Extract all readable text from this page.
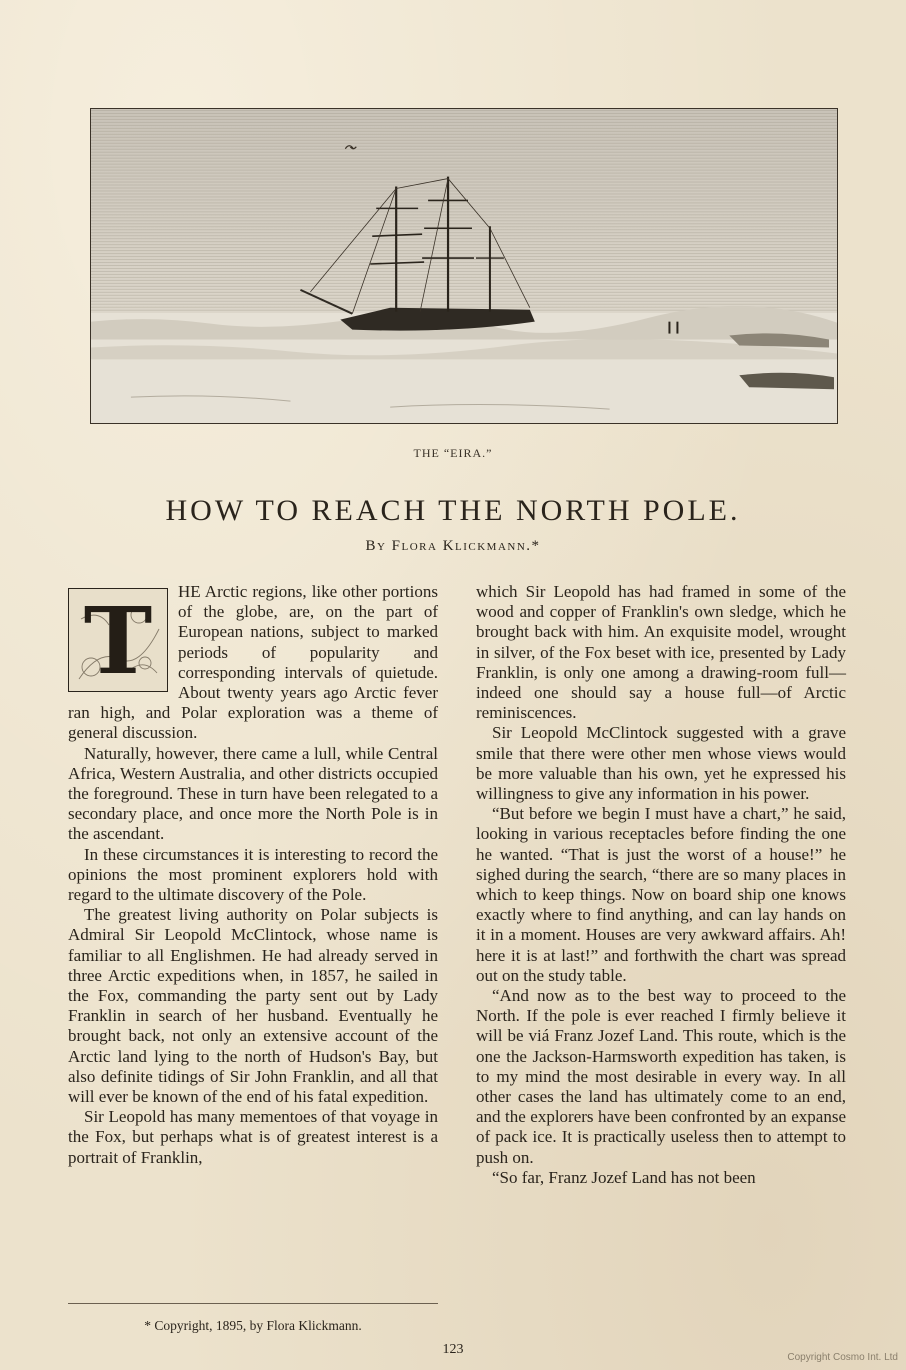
THE “EIRA.”
HOW TO REACH THE NORTH POLE.
By Flora Klickmann.*
T	HE Arctic regions, like other portions of the globe, are, on the part of European nations, subject to marked periods of popularity and corresponding intervals of quietude. About twenty years ago Arctic fever ran high, and Polar exploration was a theme of general discussion.

Naturally, however, there came a lull, while Central Africa, Western Australia, and other districts occupied the foreground. These in turn have been relegated to a secondary place, and once more the North Pole is in the ascendant.

In these circumstances it is interesting to record the opinions the most prominent explorers hold with regard to the ultimate discovery of the Pole.

The greatest living authority on Polar subjects is Admiral Sir Leopold McClintock, whose name is familiar to all Englishmen. He had already served in three Arctic expeditions when, in 1857, he sailed in the Fox, commanding the party sent out by Lady Franklin in search of her husband. Eventually he brought back, not only an extensive account of the Arctic land lying to the north of Hudson's Bay, but also definite tidings of Sir John Franklin, and all that will ever be known of the end of his fatal expedition.

Sir Leopold has many mementoes of that voyage in the Fox, but perhaps what is of greatest interest is a portrait of Franklin,

which Sir Leopold has had framed in some of the wood and copper of Franklin's own sledge, which he brought back with him. An exquisite model, wrought in silver, of the Fox beset with ice, presented by Lady Franklin, is only one among a drawing-room full—indeed one should say a house full—of Arctic reminiscences.

Sir Leopold McClintock suggested with a grave smile that there were other men whose views would be more valuable than his own, yet he expressed his willingness to give any information in his power.

“But before we begin I must have a chart,” he said, looking in various receptacles before finding the one he wanted. “That is just the worst of a house!” he sighed during the search, “there are so many places in which to keep things. Now on board ship one knows exactly where to find anything, and can lay hands on it in a moment. Houses are very awkward affairs. Ah! here it is at last!” and forthwith the chart was spread out on the study table.

“And now as to the best way to proceed to the North. If the pole is ever reached I firmly believe it will be viá Franz Jozef Land. This route, which is the one the Jackson-Harmsworth expedition has taken, is to my mind the most desirable in every way. In all other cases the land has ultimately come to an end, and the explorers have been confronted by an expanse of pack ice. It is practically useless then to attempt to push on.

“So far, Franz Jozef Land has not been

* Copyright, 1895, by Flora Klickmann.
123
Copyright Cosmo Int. Ltd
